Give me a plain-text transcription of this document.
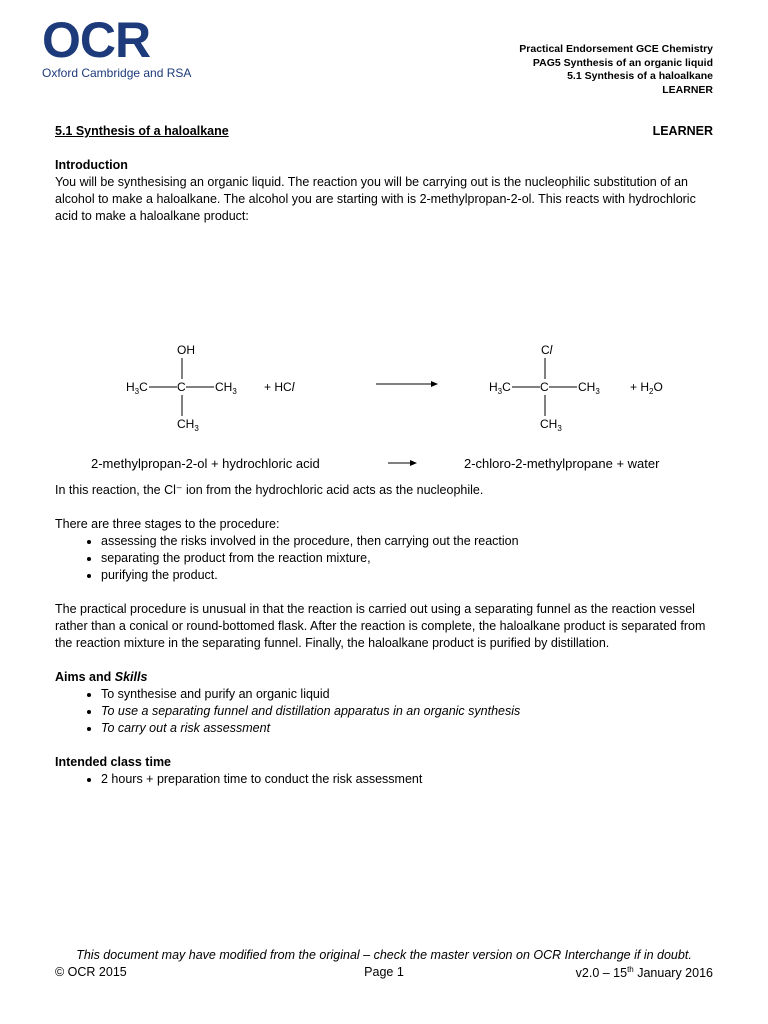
OCR
Oxford Cambridge and RSA
Practical Endorsement GCE Chemistry
PAG5 Synthesis of an organic liquid
5.1 Synthesis of a haloalkane
LEARNER
5.1 Synthesis of a haloalkane	LEARNER
Introduction

You will be synthesising an organic liquid. The reaction you will be carrying out is the nucleophilic substitution of an alcohol to make a haloalkane. The alcohol you are starting with is 2-methylpropan-2-ol. This reacts with hydrochloric acid to make a haloalkane product:

OH
$H_3C$ C $CH_3$
$CH_3$
+ HCl
Cl
$H_3C$ C $CH_3$
$CH_3$
+ $H_2O$
2-methylpropan-2-ol + hydrochloric acid	2-chloro-2-methylpropane + water

In this reaction, the Cl⁻ ion from the hydrochloric acid acts as the nucleophile.

There are three stages to the procedure:

• assessing the risks involved in the procedure, then carrying out the reaction
• separating the product from the reaction mixture,
• purifying the product.

The practical procedure is unusual in that the reaction is carried out using a separating funnel as the reaction vessel rather than a conical or round-bottomed flask. After the reaction is complete, the haloalkane product is separated from the reaction mixture in the separating funnel. Finally, the haloalkane product is purified by distillation.

Aims and Skills
• To synthesise and purify an organic liquid
• To use a separating funnel and distillation apparatus in an organic synthesis
• To carry out a risk assessment
Intended class time
• 2 hours + preparation time to conduct the risk assessment
This document may have modified from the original – check the master version on OCR Interchange if in doubt.
© OCR 2015	Page 1	v2.0 – 15th January 2016
